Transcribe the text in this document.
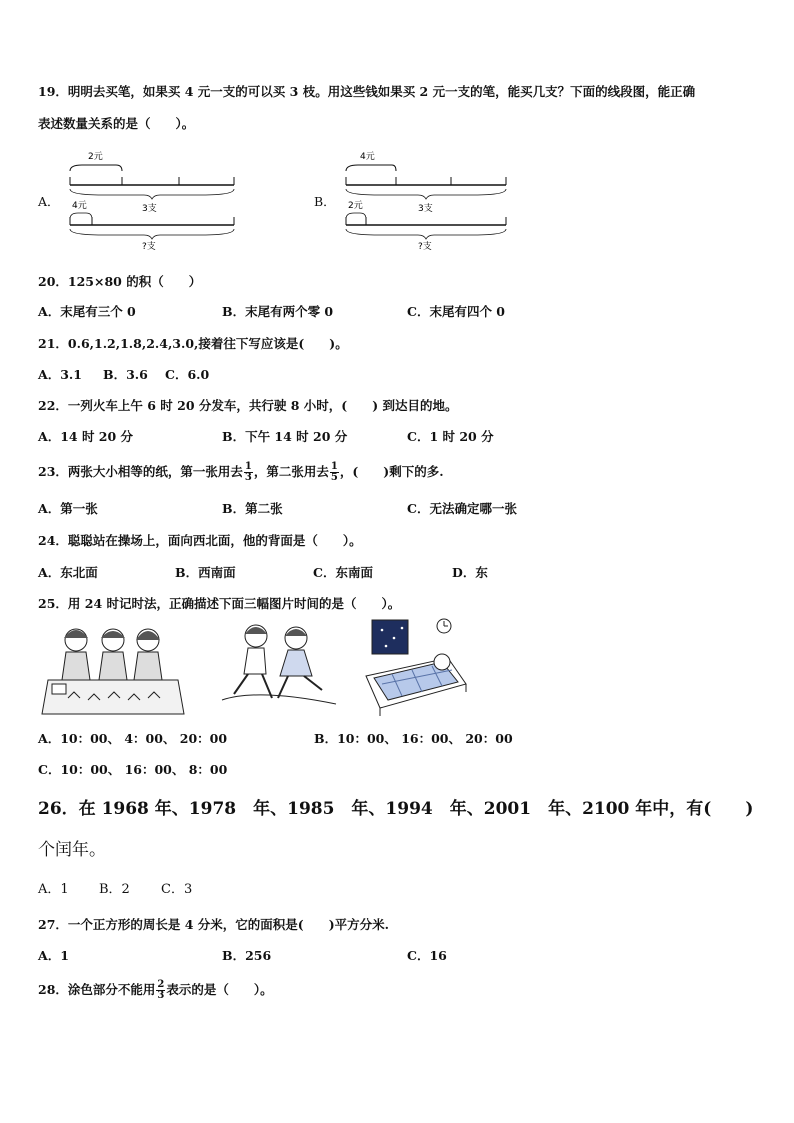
19．明明去买笔，如果买 4 元一支的可以买 3 枝。用这些钱如果买 2 元一支的笔，能买几支？下面的线段图，能正确
表述数量关系的是（　　）。
A．
2元
3支
4元
?支
B．
4元
3支
2元
?支
20．125×80 的积（　　）
A．末尾有三个 0	B．末尾有两个零 0	C．末尾有四个 0
21．0.6,1.2,1.8,2.4,3.0,接着往下写应该是(　　)。
A．3.1 B．3.6 C．6.0
22．一列火车上午 6 时 20 分发车，共行驶 8 小时，(　　) 到达目的地。
A．14 时 20 分	B．下午 14 时 20 分	C．1 时 20 分
23．两张大小相等的纸，第一张用去 $\frac{1}{3}$ ，第二张用去 $\frac{1}{5}$ ，(　　)剩下的多.
A．第一张	B．第二张	C．无法确定哪一张
24．聪聪站在操场上，面向西北面，他的背面是（　　）。
A．东北面	B．西南面	C．东南面	D．东
25．用 24 时记时法，正确描述下面三幅图片时间的是（　　）。
A．10：00、 4：00、 20：00	B．10：00、 16：00、 20：00
C．10：00、 16：00、 8：00
26．在 1968 年、1978　年、1985　年、1994　年、2001　年、2100 年中，有(　　)
个闰年。
A．1 B．2 C．3
27．一个正方形的周长是 4 分米，它的面积是(　　)平方分米.
A．1	B．256	C．16
28．涂色部分不能用 $\frac{2}{3}$ 表示的是（　　）。
